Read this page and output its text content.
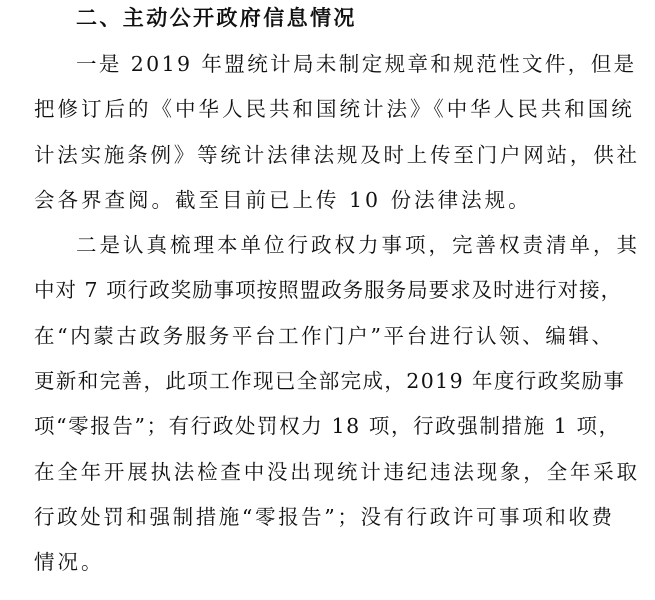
二、主动公开政府信息情况
一是 2019 年盟统计局未制定规章和规范性文件，但是
把修订后的《中华人民共和国统计法》《中华人民共和国统
计法实施条例》等统计法律法规及时上传至门户网站，供社
会各界查阅。截至目前已上传 10 份法律法规。
二是认真梳理本单位行政权力事项，完善权责清单，其
中对 7 项行政奖励事项按照盟政务服务局要求及时进行对接，
在“内蒙古政务服务平台工作门户”平台进行认领、编辑、
更新和完善，此项工作现已全部完成，2019 年度行政奖励事
项“零报告”；有行政处罚权力 18 项，行政强制措施 1 项，
在全年开展执法检查中没出现统计违纪违法现象，全年采取
行政处罚和强制措施“零报告”；没有行政许可事项和收费
情况。
